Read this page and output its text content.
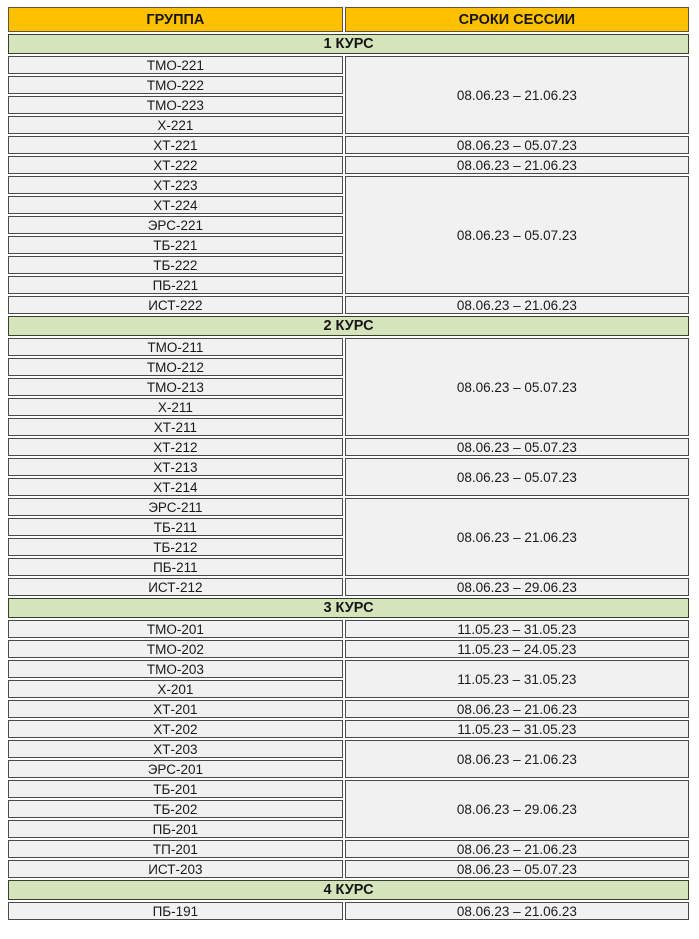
ГРУППА	СРОКИ СЕССИИ
1 КУРС	
ТМО-221	08.06.23 – 21.06.23
ТМО-222	
ТМО-223	
Х-221	
ХТ-221	08.06.23 – 05.07.23
ХТ-222	08.06.23 – 21.06.23
ХТ-223	08.06.23 – 05.07.23
ХТ-224	
ЭРС-221	
ТБ-221	
ТБ-222	
ПБ-221	
ИСТ-222	08.06.23 – 21.06.23
2 КУРС	
ТМО-211	08.06.23 – 05.07.23
ТМО-212	
ТМО-213	
Х-211	
ХТ-211	
ХТ-212	08.06.23 – 05.07.23
ХТ-213	08.06.23 – 05.07.23
ХТ-214	
ЭРС-211	08.06.23 – 21.06.23
ТБ-211	
ТБ-212	
ПБ-211	
ИСТ-212	08.06.23 – 29.06.23
3 КУРС	
ТМО-201	11.05.23 – 31.05.23
ТМО-202	11.05.23 – 24.05.23
ТМО-203	11.05.23 – 31.05.23
Х-201	
ХТ-201	08.06.23 – 21.06.23
ХТ-202	11.05.23 – 31.05.23
ХТ-203	08.06.23 – 21.06.23
ЭРС-201	
ТБ-201	08.06.23 – 29.06.23
ТБ-202	
ПБ-201	
ТП-201	08.06.23 – 21.06.23
ИСТ-203	08.06.23 – 05.07.23
4 КУРС	
ПБ-191	08.06.23 – 21.06.23
